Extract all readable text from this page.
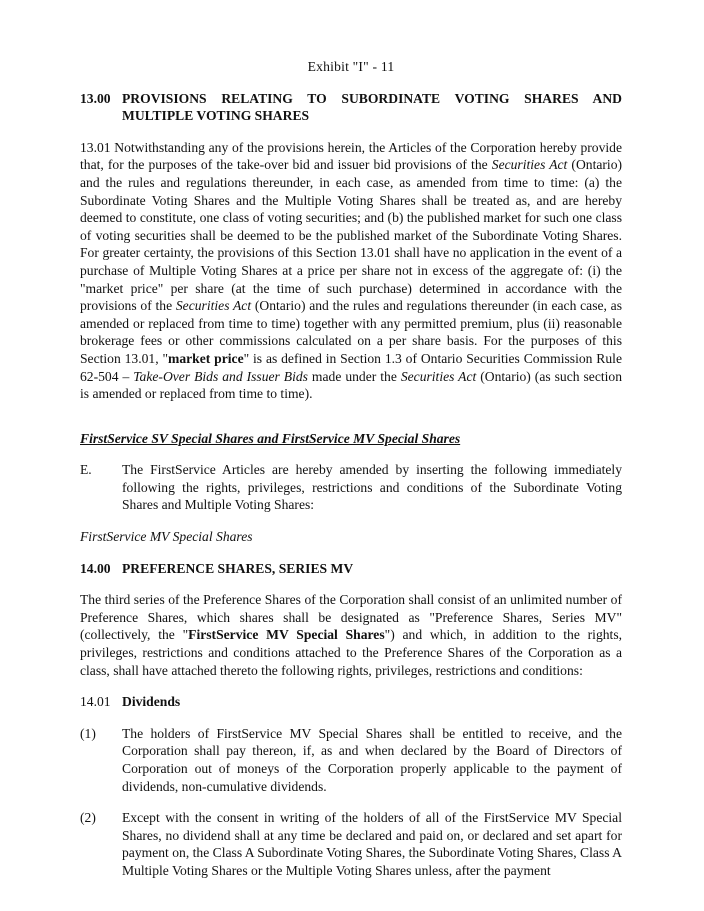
Exhibit "I" - 11
13.00 PROVISIONS RELATING TO SUBORDINATE VOTING SHARES AND
MULTIPLE VOTING SHARES

13.01 Notwithstanding any of the provisions herein, the Articles of the Corporation hereby provide that, for the purposes of the take-over bid and issuer bid provisions of the Securities Act (Ontario) and the rules and regulations thereunder, in each case, as amended from time to time: (a) the Subordinate Voting Shares and the Multiple Voting Shares shall be treated as, and are hereby deemed to constitute, one class of voting securities; and (b) the published market for such one class of voting securities shall be deemed to be the published market of the Subordinate Voting Shares. For greater certainty, the provisions of this Section 13.01 shall have no application in the event of a purchase of Multiple Voting Shares at a price per share not in excess of the aggregate of: (i) the "market price" per share (at the time of such purchase) determined in accordance with the provisions of the Securities Act (Ontario) and the rules and regulations thereunder (in each case, as amended or replaced from time to time) together with any permitted premium, plus (ii) reasonable brokerage fees or other commissions calculated on a per share basis. For the purposes of this Section 13.01, "market price" is as defined in Section 1.3 of Ontario Securities Commission Rule 62-504 – Take-Over Bids and Issuer Bids made under the Securities Act (Ontario) (as such section is amended or replaced from time to time).

FirstService SV Special Shares and FirstService MV Special Shares
E.	The FirstService Articles are hereby amended by inserting the following immediately following the rights, privileges, restrictions and conditions of the Subordinate Voting Shares and Multiple Voting Shares:
FirstService MV Special Shares
14.00 PREFERENCE SHARES, SERIES MV

The third series of the Preference Shares of the Corporation shall consist of an unlimited number of Preference Shares, which shares shall be designated as "Preference Shares, Series MV" (collectively, the "FirstService MV Special Shares") and which, in addition to the rights, privileges, restrictions and conditions attached to the Preference Shares of the Corporation as a class, shall have attached thereto the following rights, privileges, restrictions and conditions:

14.01 Dividends
(1)	The holders of FirstService MV Special Shares shall be entitled to receive, and the Corporation shall pay thereon, if, as and when declared by the Board of Directors of Corporation out of moneys of the Corporation properly applicable to the payment of dividends, non-cumulative dividends.
(2)	Except with the consent in writing of the holders of all of the FirstService MV Special Shares, no dividend shall at any time be declared and paid on, or declared and set apart for payment on, the Class A Subordinate Voting Shares, the Subordinate Voting Shares, Class A Multiple Voting Shares or the Multiple Voting Shares unless, after the payment
